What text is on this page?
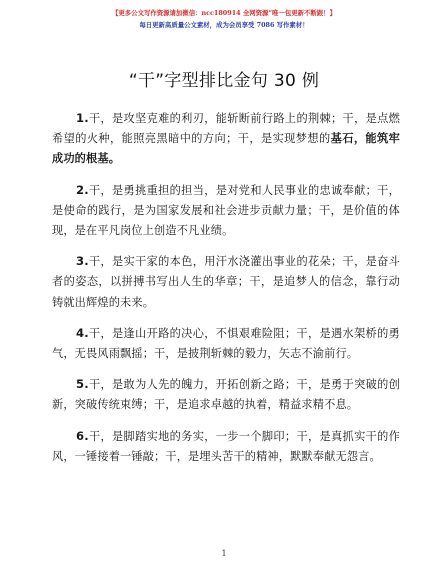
【更多公文写作资源请加微信：ncc180914 全网资源“唯一包更新不断跟！】
每日更新高质量公文素材，成为会员享受 7086 写作素材！
“干”字型排比金句 30 例

1.干，是攻坚克难的利刃，能斩断前行路上的荆棘；干，是点燃希望的火种，能照亮黑暗中的方向；干，是实现梦想的基石，能筑牢成功的根基。

2.干，是勇挑重担的担当，是对党和人民事业的忠诚奉献；干，是使命的践行，是为国家发展和社会进步贡献力量；干，是价值的体现，是在平凡岗位上创造不凡业绩。

3.干，是实干家的本色，用汗水浇灌出事业的花朵；干，是奋斗者的姿态，以拼搏书写出人生的华章；干，是追梦人的信念，靠行动铸就出辉煌的未来。

4.干，是逢山开路的决心，不惧艰难险阻；干，是遇水架桥的勇气，无畏风雨飘摇；干，是披荆斩棘的毅力，矢志不渝前行。

5.干，是敢为人先的魄力，开拓创新之路；干，是勇于突破的创新，突破传统束缚；干，是追求卓越的执着，精益求精不息。

6.干，是脚踏实地的务实，一步一个脚印；干，是真抓实干的作风，一锤接着一锤敲；干，是埋头苦干的精神，默默奉献无怨言。

1
